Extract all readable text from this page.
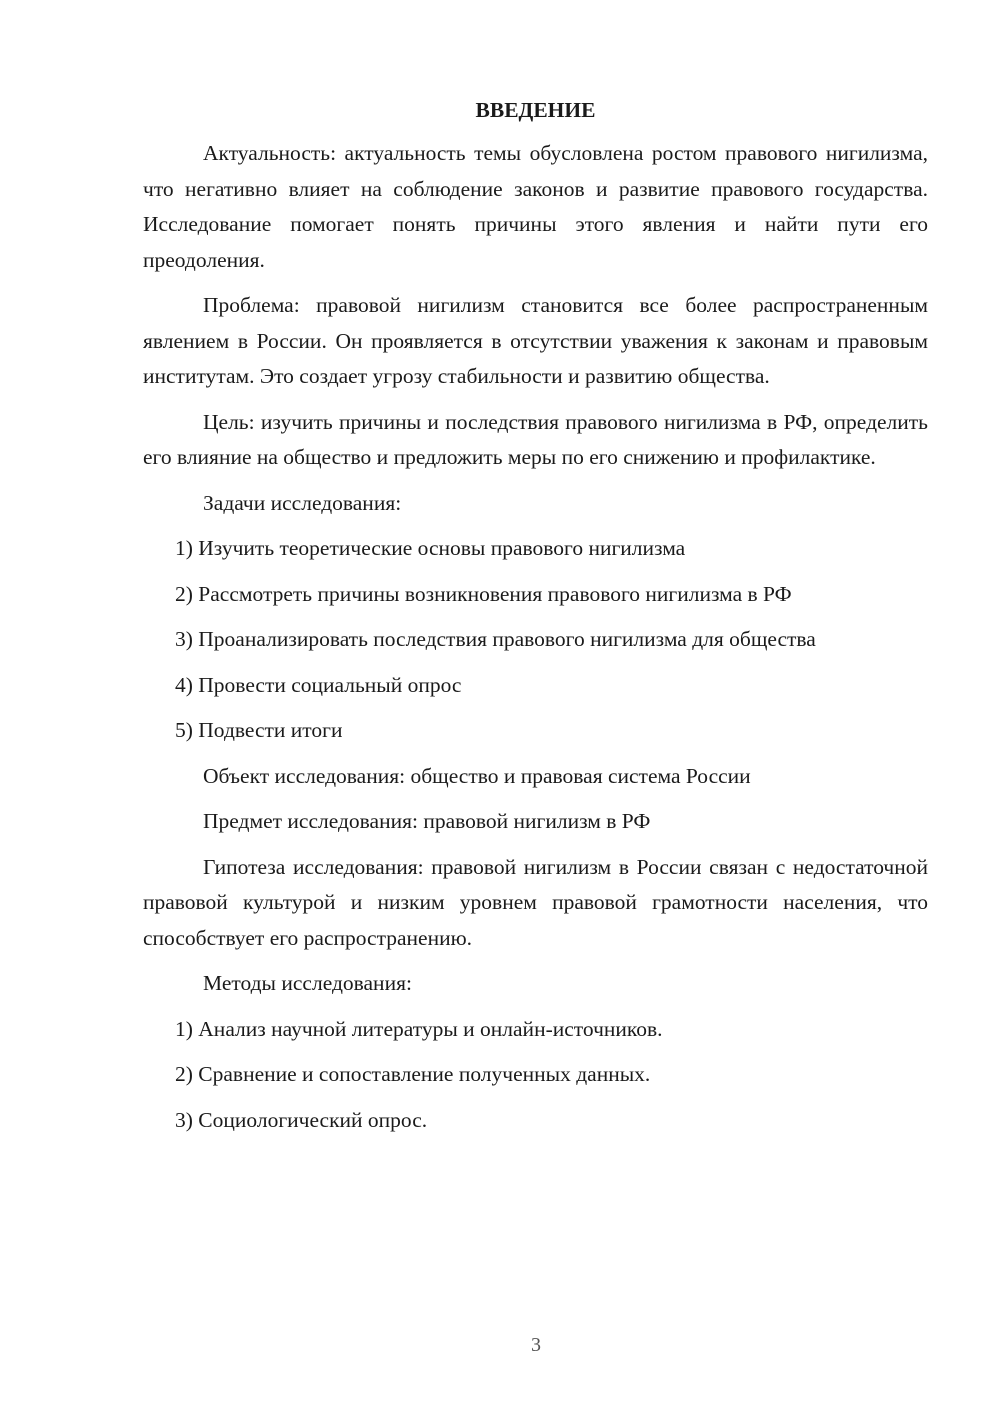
ВВЕДЕНИЕ

Актуальность: актуальность темы обусловлена ростом правового нигилизма, что негативно влияет на соблюдение законов и развитие правового государства. Исследование помогает понять причины этого явления и найти пути его преодоления.

Проблема: правовой нигилизм становится все более распространенным явлением в России. Он проявляется в отсутствии уважения к законам и правовым институтам. Это создает угрозу стабильности и развитию общества.

Цель: изучить причины и последствия правового нигилизма в РФ, определить его влияние на общество и предложить меры по его снижению и профилактике.

Задачи исследования:

1) Изучить теоретические основы правового нигилизма

2) Рассмотреть причины возникновения правового нигилизма в РФ

3) Проанализировать последствия правового нигилизма для общества

4) Провести социальный опрос

5) Подвести итоги

Объект исследования: общество и правовая система России

Предмет исследования: правовой нигилизм в РФ

Гипотеза исследования: правовой нигилизм в России связан с недостаточной правовой культурой и низким уровнем правовой грамотности населения, что способствует его распространению.

Методы исследования:

1) Анализ научной литературы и онлайн-источников.

2) Сравнение и сопоставление полученных данных.

3) Социологический опрос.

3
